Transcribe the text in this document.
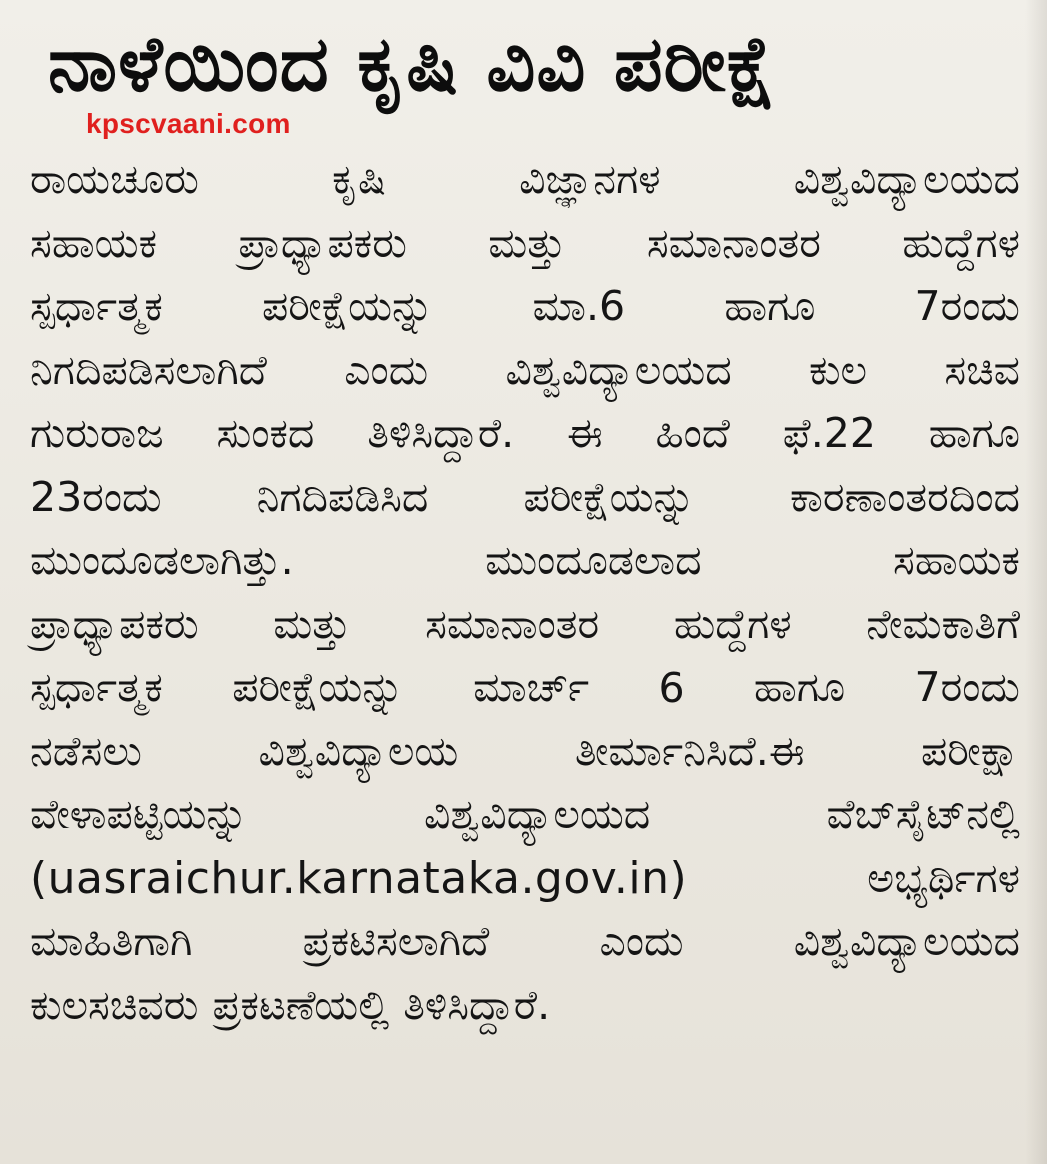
ನಾಳೆಯಿಂದ ಕೃಷಿ ವಿವಿ ಪರೀಕ್ಷೆ
kpscvaani.com
ರಾಯಚೂರು	ಕೃಷಿ	ವಿಜ್ಞಾನಗಳ	ವಿಶ್ವವಿದ್ಯಾಲಯದ
ಸಹಾಯಕ ಪ್ರಾಧ್ಯಾಪಕರು ಮತ್ತು ಸಮಾನಾಂತರ ಹುದ್ದೆಗಳ
ಸ್ಪರ್ಧಾತ್ಮಕ ಪರೀಕ್ಷೆಯನ್ನು ಮಾ.6 ಹಾಗೂ 7ರಂದು
ನಿಗದಿಪಡಿಸಲಾಗಿದೆ ಎಂದು ವಿಶ್ವವಿದ್ಯಾಲಯದ ಕುಲ ಸಚಿವ
ಗುರುರಾಜ ಸುಂಕದ ತಿಳಿಸಿದ್ದಾರೆ. ಈ ಹಿಂದೆ ಫೆ.22 ಹಾಗೂ
23ರಂದು ನಿಗದಿಪಡಿಸಿದ ಪರೀಕ್ಷೆಯನ್ನು ಕಾರಣಾಂತರದಿಂದ
ಮುಂದೂಡಲಾಗಿತ್ತು.	ಮುಂದೂಡಲಾದ	ಸಹಾಯಕ
ಪ್ರಾಧ್ಯಾಪಕರು ಮತ್ತು ಸಮಾನಾಂತರ ಹುದ್ದೆಗಳ ನೇಮಕಾತಿಗೆ
ಸ್ಪರ್ಧಾತ್ಮಕ ಪರೀಕ್ಷೆಯನ್ನು ಮಾರ್ಚ್ 6 ಹಾಗೂ 7ರಂದು
ನಡೆಸಲು	ವಿಶ್ವವಿದ್ಯಾಲಯ	ತೀರ್ಮಾನಿಸಿದೆ.ಈ	ಪರೀಕ್ಷಾ
ವೇಳಾಪಟ್ಟಿಯನ್ನು	ವಿಶ್ವವಿದ್ಯಾಲಯದ	ವೆಬ್‌ಸೈಟ್‌ನಲ್ಲಿ
(uasraichur.karnataka.gov.in)	ಅಭ್ಯರ್ಥಿಗಳ
ಮಾಹಿತಿಗಾಗಿ	ಪ್ರಕಟಿಸಲಾಗಿದೆ	ಎಂದು	ವಿಶ್ವವಿದ್ಯಾಲಯದ
ಕುಲಸಚಿವರು ಪ್ರಕಟಣೆಯಲ್ಲಿ ತಿಳಿಸಿದ್ದಾರೆ.
